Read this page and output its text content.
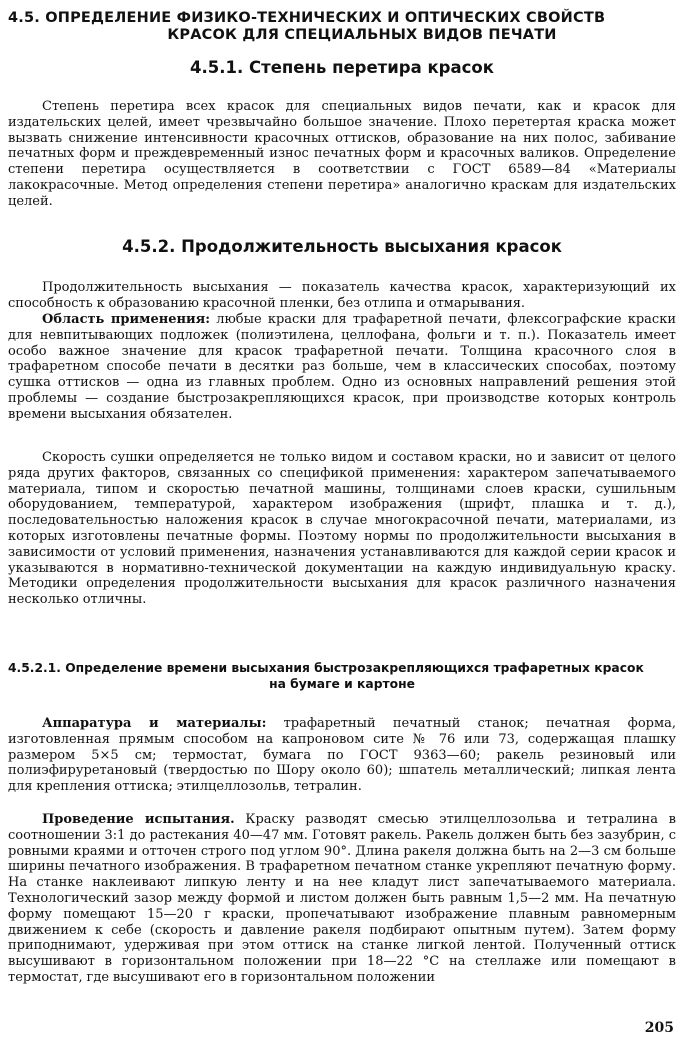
4.5. ОПРЕДЕЛЕНИЕ ФИЗИКО-ТЕХНИЧЕСКИХ И ОПТИЧЕСКИХ СВОЙСТВ
КРАСОК ДЛЯ СПЕЦИАЛЬНЫХ ВИДОВ ПЕЧАТИ
4.5.1. Степень перетира красок

Степень перетира всех красок для специальных видов печати, как и красок для издательских целей, имеет чрезвычайно большое значение. Плохо перетертая краска может вызвать снижение интенсивности красочных оттисков, образование на них полос, забивание печатных форм и преждевременный износ печатных форм и красочных валиков. Определение степени перетира осуществляется в соответствии с ГОСТ 6589—84 «Материалы лакокрасочные. Метод определения степени перетира» аналогично краскам для издательских целей.

4.5.2. Продолжительность высыхания красок

Продолжительность высыхания — показатель качества красок, характеризующий их способность к образованию красочной пленки, без отлипа и отмарывания.

Область применения: любые краски для трафаретной печати, флексографские краски для невпитывающих подложек (полиэтилена, целлофана, фольги и т. п.). Показатель имеет особо важное значение для красок трафаретной печати. Толщина красочного слоя в трафаретном способе печати в десятки раз больше, чем в классических способах, поэтому сушка оттисков — одна из главных проблем. Одно из основных направлений решения этой проблемы — создание быстрозакрепляющихся красок, при производстве которых контроль времени высыхания обязателен.

Скорость сушки определяется не только видом и составом краски, но и зависит от целого ряда других факторов, связанных со спецификой применения: характером запечатываемого материала, типом и скоростью печатной машины, толщинами слоев краски, сушильным оборудованием, температурой, характером изображения (шрифт, плашка и т. д.), последовательностью наложения красок в случае многокрасочной печати, материалами, из которых изготовлены печатные формы. Поэтому нормы по продолжительности высыхания в зависимости от условий применения, назначения устанавливаются для каждой серии красок и указываются в нормативно-технической документации на каждую индивидуальную краску. Методики определения продолжительности высыхания для красок различного назначения несколько отличны.

4.5.2.1. Определение времени высыхания быстрозакрепляющихся трафаретных красок
на бумаге и картоне

Аппаратура и материалы: трафаретный печатный станок; печатная форма, изготовленная прямым способом на капроновом сите № 76 или 73, содержащая плашку размером 5×5 см; термостат, бумага по ГОСТ 9363—60; ракель резиновый или полиэфируретановый (твердостью по Шору около 60); шпатель металлический; липкая лента для крепления оттиска; этилцеллозольв, тетралин.

Проведение испытания. Краску разводят смесью этилцеллозольва и тетралина в соотношении 3:1 до растекания 40—47 мм. Готовят ракель. Ракель должен быть без зазубрин, с ровными краями и отточен строго под углом 90°. Длина ракеля должна быть на 2—3 см больше ширины печатного изображения. В трафаретном печатном станке укрепляют печатную форму. На станке наклеивают липкую ленту и на нее кладут лист запечатываемого материала. Технологический зазор между формой и листом должен быть равным 1,5—2 мм. На печатную форму помещают 15—20 г краски, пропечатывают изображение плавным равномерным движением к себе (скорость и давление ракеля подбирают опытным путем). Затем форму приподнимают, удерживая при этом оттиск на станке лигкой лентой. Полученный оттиск высушивают в горизонтальном положении при 18—22 °С на стеллаже или помещают в термостат, где высушивают его в горизонтальном положении

205
